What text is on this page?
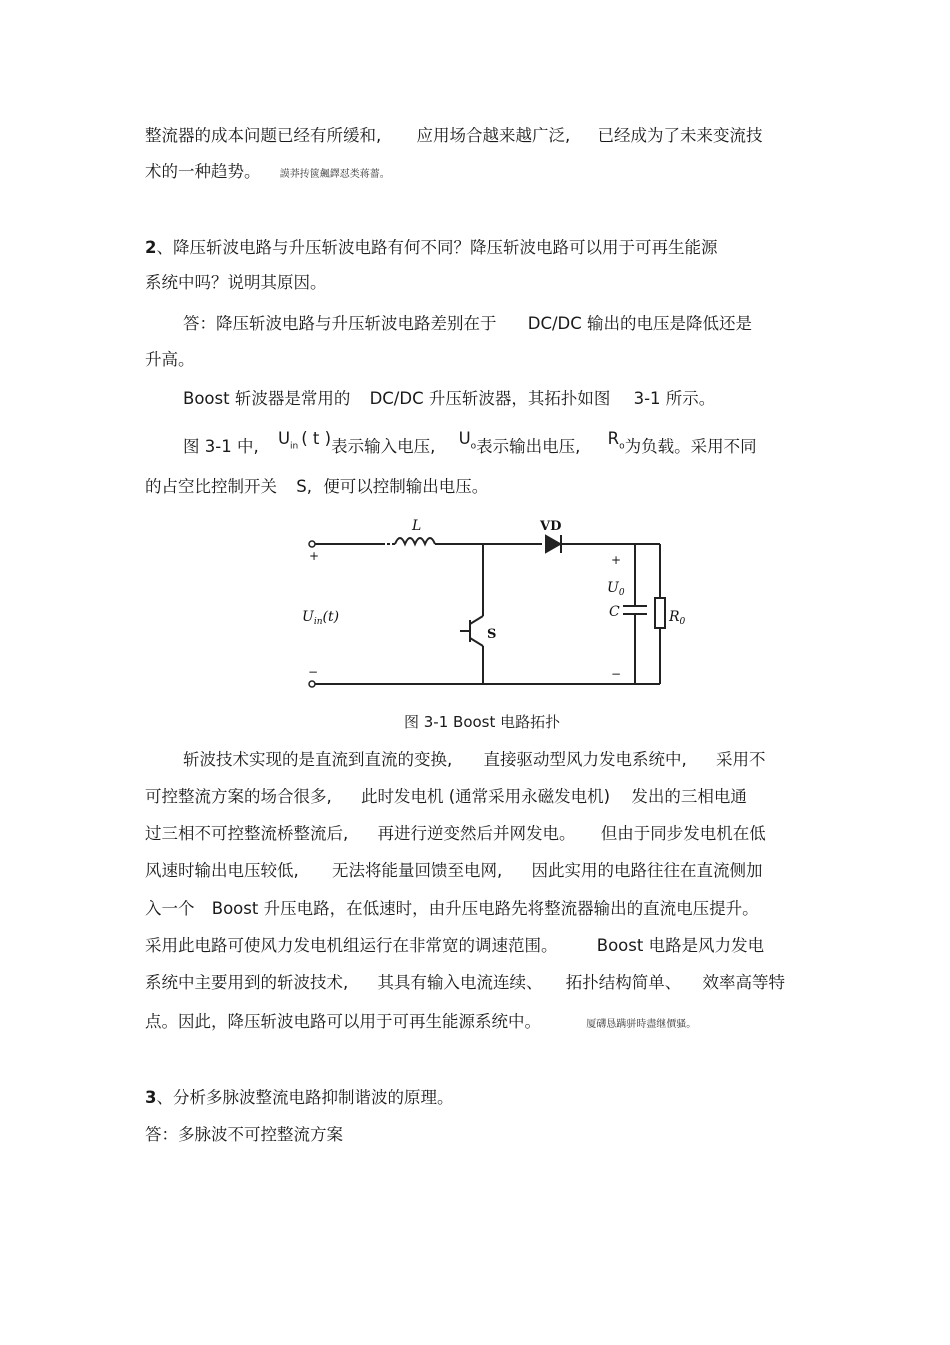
整流器的成本问题已经有所缓和, 应用场合越来越广泛, 已经成为了未来变流技
术的一种趋势。 謨莽抟篋飆鐸怼类蒋薔。
2、降压斩波电路与升压斩波电路有何不同？降压斩波电路可以用于可再生能源
系统中吗？说明其原因。
答：降压斩波电路与升压斩波电路差别在于 DC/DC 输出的电压是降低还是
升高。
Boost 斩波器是常用的 DC/DC 升压斩波器，其拓扑如图 3-1 所示。
图 3-1 中, $U_{in}$ ( t )表示输入电压, $U_o$表示输出电压, $R_o$为负载。采用不同
的占空比控制开关 S, 便可以控制输出电压。
L
S
C
VD
$U_0$
$R_0$
$U_{in}(t)$
+
−
+
−
图 3-1 Boost 电路拓扑
斩波技术实现的是直流到直流的变换, 直接驱动型风力发电系统中, 采用不
可控整流方案的场合很多, 此时发电机 (通常采用永磁发电机) 发出的三相电通
过三相不可控整流桥整流后, 再进行逆变然后并网发电。 但由于同步发电机在低
风速时输出电压较低, 无法将能量回馈至电网, 因此实用的电路往往在直流侧加
入一个 Boost 升压电路，在低速时，由升压电路先将整流器输出的直流电压提升。
采用此电路可使风力发电机组运行在非常宽的调速范围。 Boost 电路是风力发电
系统中主要用到的斩波技术, 其具有输入电流连续、 拓扑结构简单、 效率高等特
点。因此，降压斩波电路可以用于可再生能源系统中。	厦礴恳蹒骈時盡继價骚。
3、分析多脉波整流电路抑制谐波的原理。
答：多脉波不可控整流方案
